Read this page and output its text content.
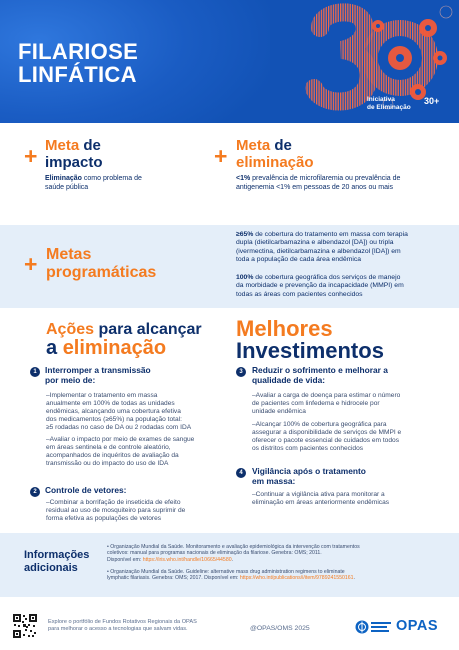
FILARIOSE
LINFÁTICA
Iniciativa
de Eliminação
30+
+ Meta de
impacto
Eliminação como problema de
saúde pública
+ Meta de
eliminação
<1% prevalência de microfilaremia ou prevalência de
antigenemia <1% em pessoas de 20 anos ou mais
+ Metas
programáticas
≥65% de cobertura do tratamento em massa com terapia
dupla (dietilcarbamazina e albendazol [DA]) ou tripla
(ivermectina, dietilcarbamazina e albendazol [IDA]) em
toda a população de cada área endêmica
100% de cobertura geográfica dos serviços de manejo
da morbidade e prevenção da incapacidade (MMPI) em
todas as áreas com pacientes conhecidos
Ações para alcançar
a eliminação
Melhores
Investimentos
1 Interromper a transmissão
por meio de:
–Implementar o tratamento em massa
anualmente em 100% de todas as unidades
endêmicas, alcançando uma cobertura efetiva
dos medicamentos (≥65%) na população total:
≥5 rodadas no caso de DA ou 2 rodadas com IDA
–Avaliar o impacto por meio de exames de sangue
em áreas sentinela e de controle aleatório,
acompanhados de inquéritos de avaliação da
transmissão ou do impacto do uso de IDA
2 Controle de vetores:
–Combinar a borrifação de inseticida de efeito
residual ao uso de mosquiteiro para suprimir de
forma efetiva as populações de vetores
3	Reduzir o sofrimento e melhorar a
qualidade de vida:
–Avaliar a carga de doença para estimar o número
de pacientes com linfedema e hidrocele por
unidade endêmica
–Alcançar 100% de cobertura geográfica para
assegurar a disponibilidade de serviços de MMPI e
oferecer o pacote essencial de cuidados em todos
os distritos com pacientes conhecidos
4	Vigilância após o tratamento
em massa:
–Continuar a vigilância ativa para monitorar a
eliminação em áreas anteriormente endêmicas
Informações
adicionais
• Organização Mundial da Saúde. Monitoramento e avaliação epidemiológica da intervenção com tratamentos
coletivos: manual para programas nacionais de eliminação da filariose. Genebra: OMS; 2011.
Disponível em: https://iris.who.int/handle/10665/44580.
• Organização Mundial da Saúde. Guideline: alternative mass drug administration regimens to eliminate
lymphatic filariasis. Genebra: OMS; 2017. Disponível em: https://who.int/publications/i/item/9789241550161.
Explore o portfólio de Fundos Rotativos Regionais da OPAS
para melhorar o acesso a tecnologias que salvam vidas.	@OPAS/OMS 2025	OPAS
